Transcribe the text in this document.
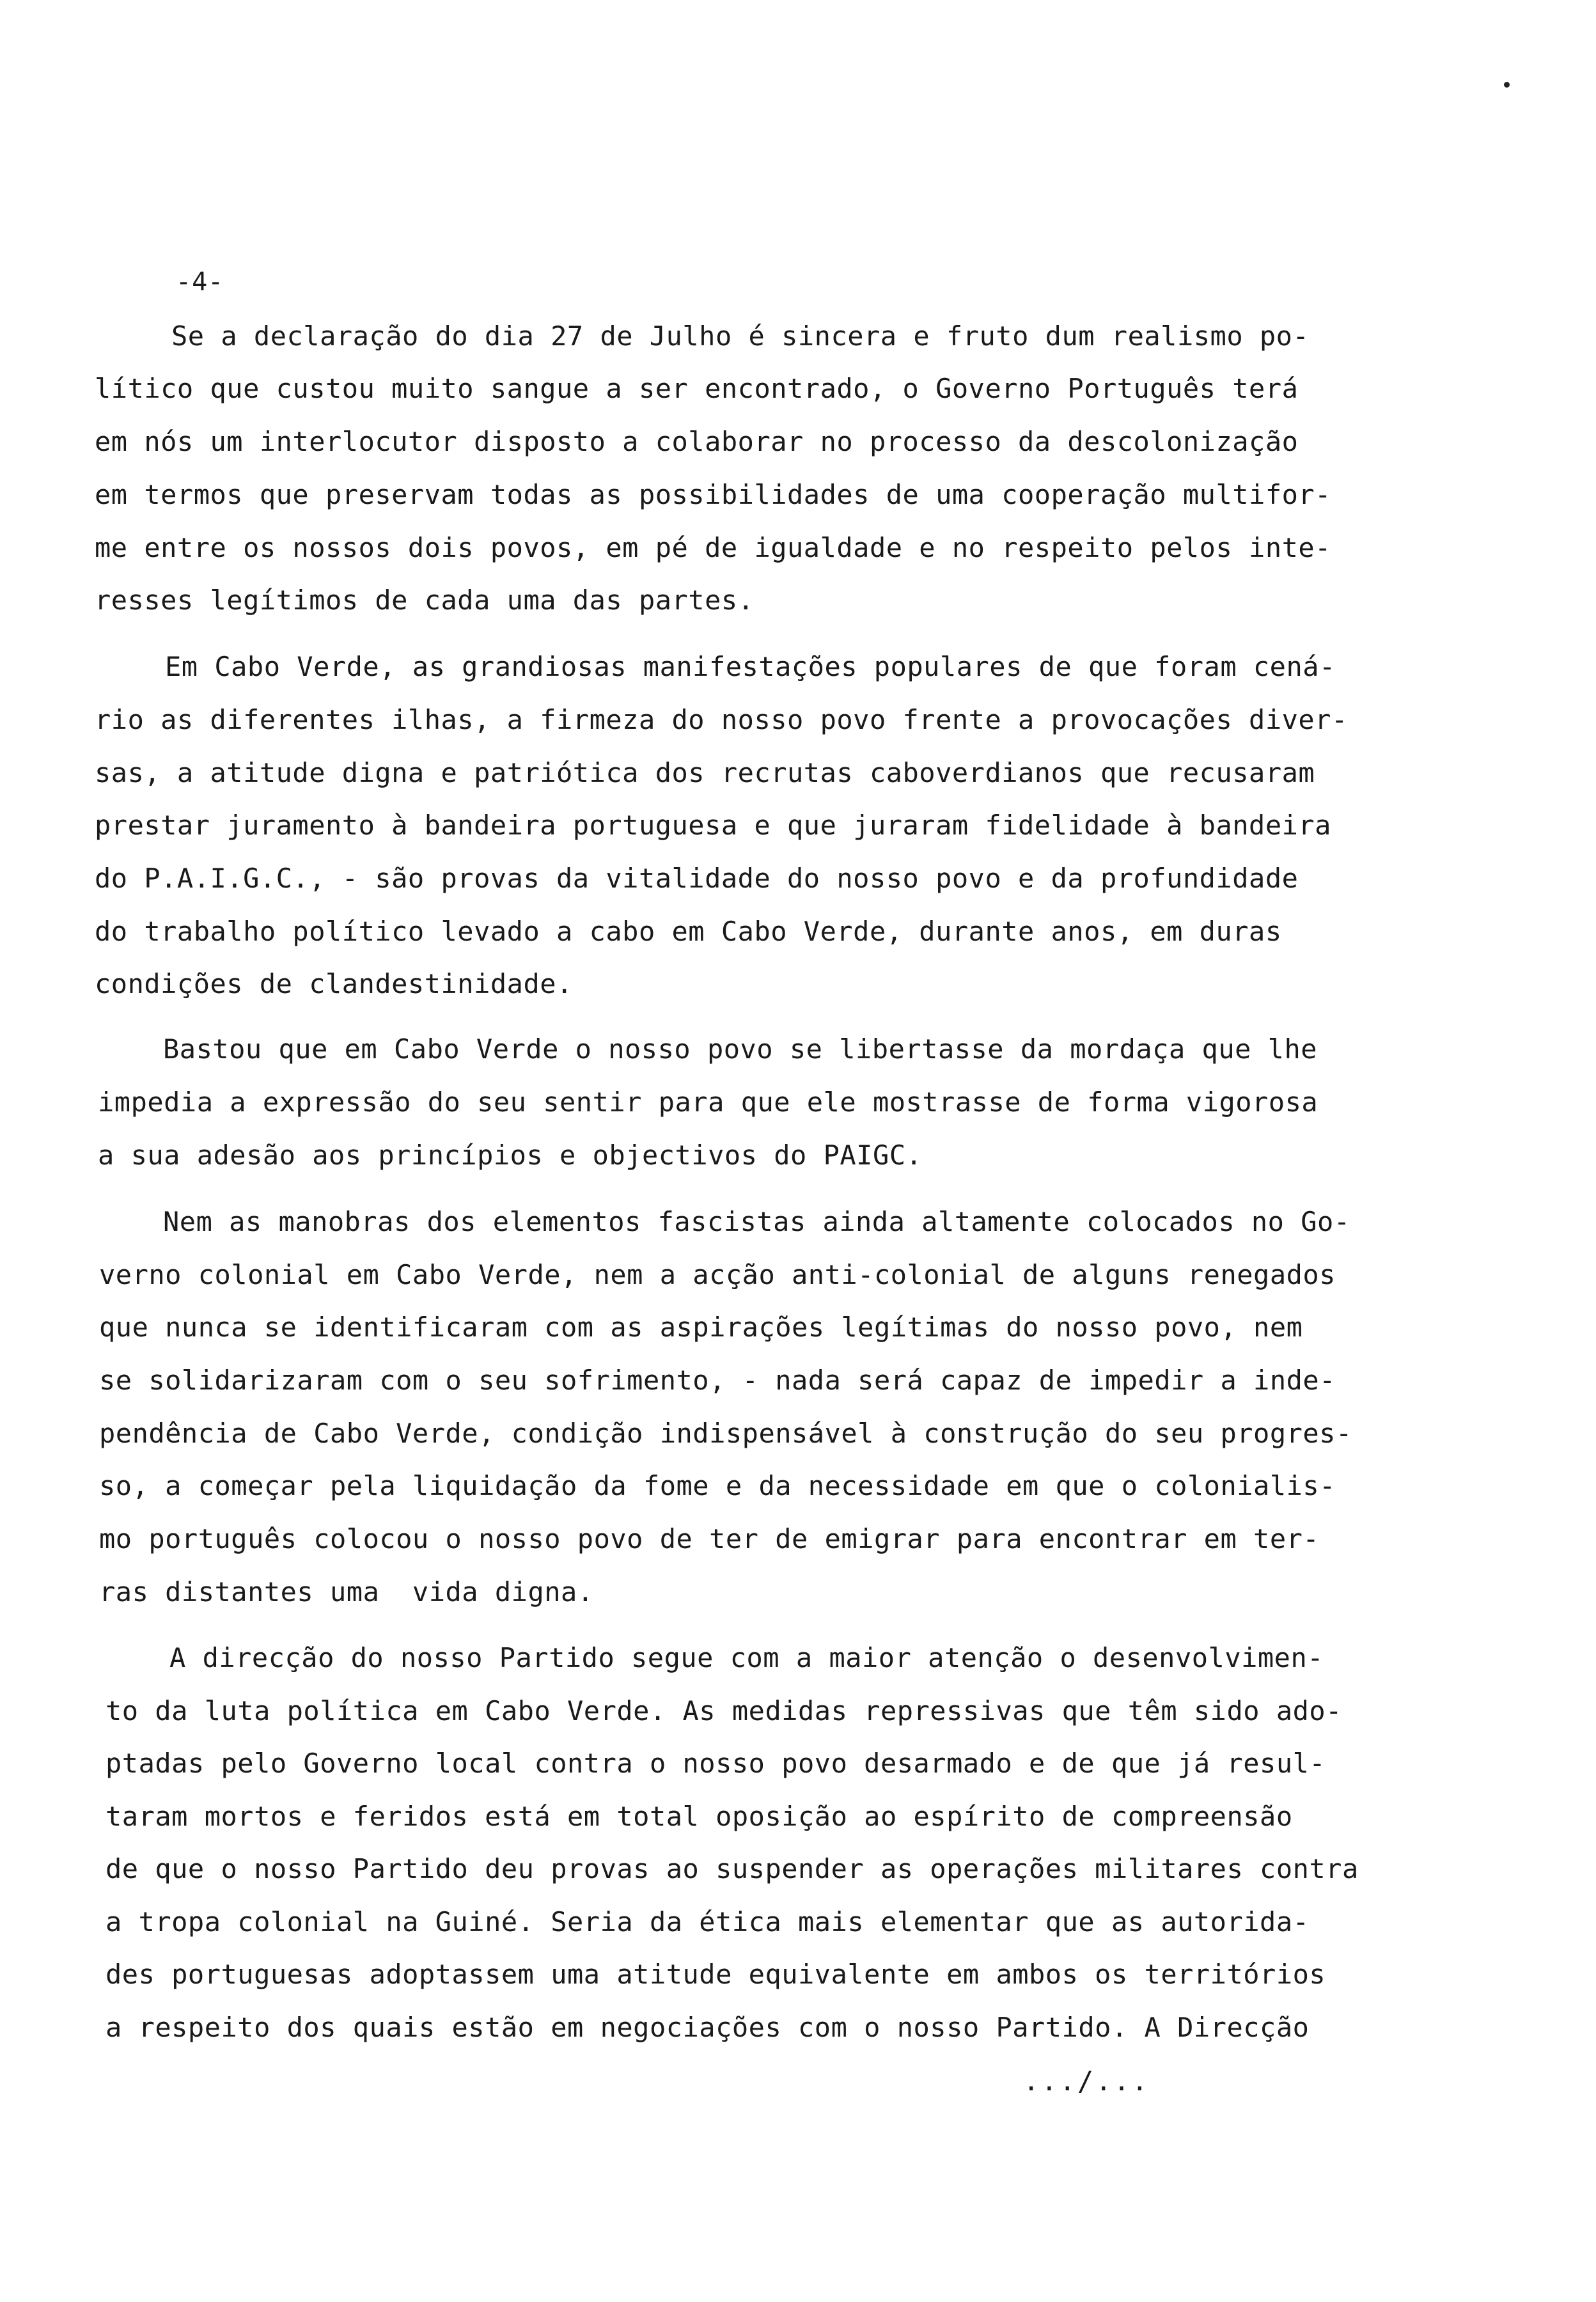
-4-
Se a declaração do dia 27 de Julho é sincera e fruto dum realismo po-
lítico que custou muito sangue a ser encontrado, o Governo Português terá
em nós um interlocutor disposto a colaborar no processo da descolonização
em termos que preservam todas as possibilidades de uma cooperação multifor-
me entre os nossos dois povos, em pé de igualdade e no respeito pelos inte-
resses legítimos de cada uma das partes.
Em Cabo Verde, as grandiosas manifestações populares de que foram cená-
rio as diferentes ilhas, a firmeza do nosso povo frente a provocações diver-
sas, a atitude digna e patriótica dos recrutas caboverdianos que recusaram
prestar juramento à bandeira portuguesa e que juraram fidelidade à bandeira
do P.A.I.G.C., - são provas da vitalidade do nosso povo e da profundidade
do trabalho político levado a cabo em Cabo Verde, durante anos, em duras
condições de clandestinidade.
Bastou que em Cabo Verde o nosso povo se libertasse da mordaça que lhe
impedia a expressão do seu sentir para que ele mostrasse de forma vigorosa
a sua adesão aos princípios e objectivos do PAIGC.
Nem as manobras dos elementos fascistas ainda altamente colocados no Go-
verno colonial em Cabo Verde, nem a acção anti-colonial de alguns renegados
que nunca se identificaram com as aspirações legítimas do nosso povo, nem
se solidarizaram com o seu sofrimento, - nada será capaz de impedir a inde-
pendência de Cabo Verde, condição indispensável à construção do seu progres-
so, a começar pela liquidação da fome e da necessidade em que o colonialis-
mo português colocou o nosso povo de ter de emigrar para encontrar em ter-
ras distantes uma  vida digna.
A direcção do nosso Partido segue com a maior atenção o desenvolvimen-
to da luta política em Cabo Verde. As medidas repressivas que têm sido ado-
ptadas pelo Governo local contra o nosso povo desarmado e de que já resul-
taram mortos e feridos está em total oposição ao espírito de compreensão
de que o nosso Partido deu provas ao suspender as operações militares contra
a tropa colonial na Guiné. Seria da ética mais elementar que as autorida-
des portuguesas adoptassem uma atitude equivalente em ambos os territórios
a respeito dos quais estão em negociações com o nosso Partido. A Direcção
.../...
